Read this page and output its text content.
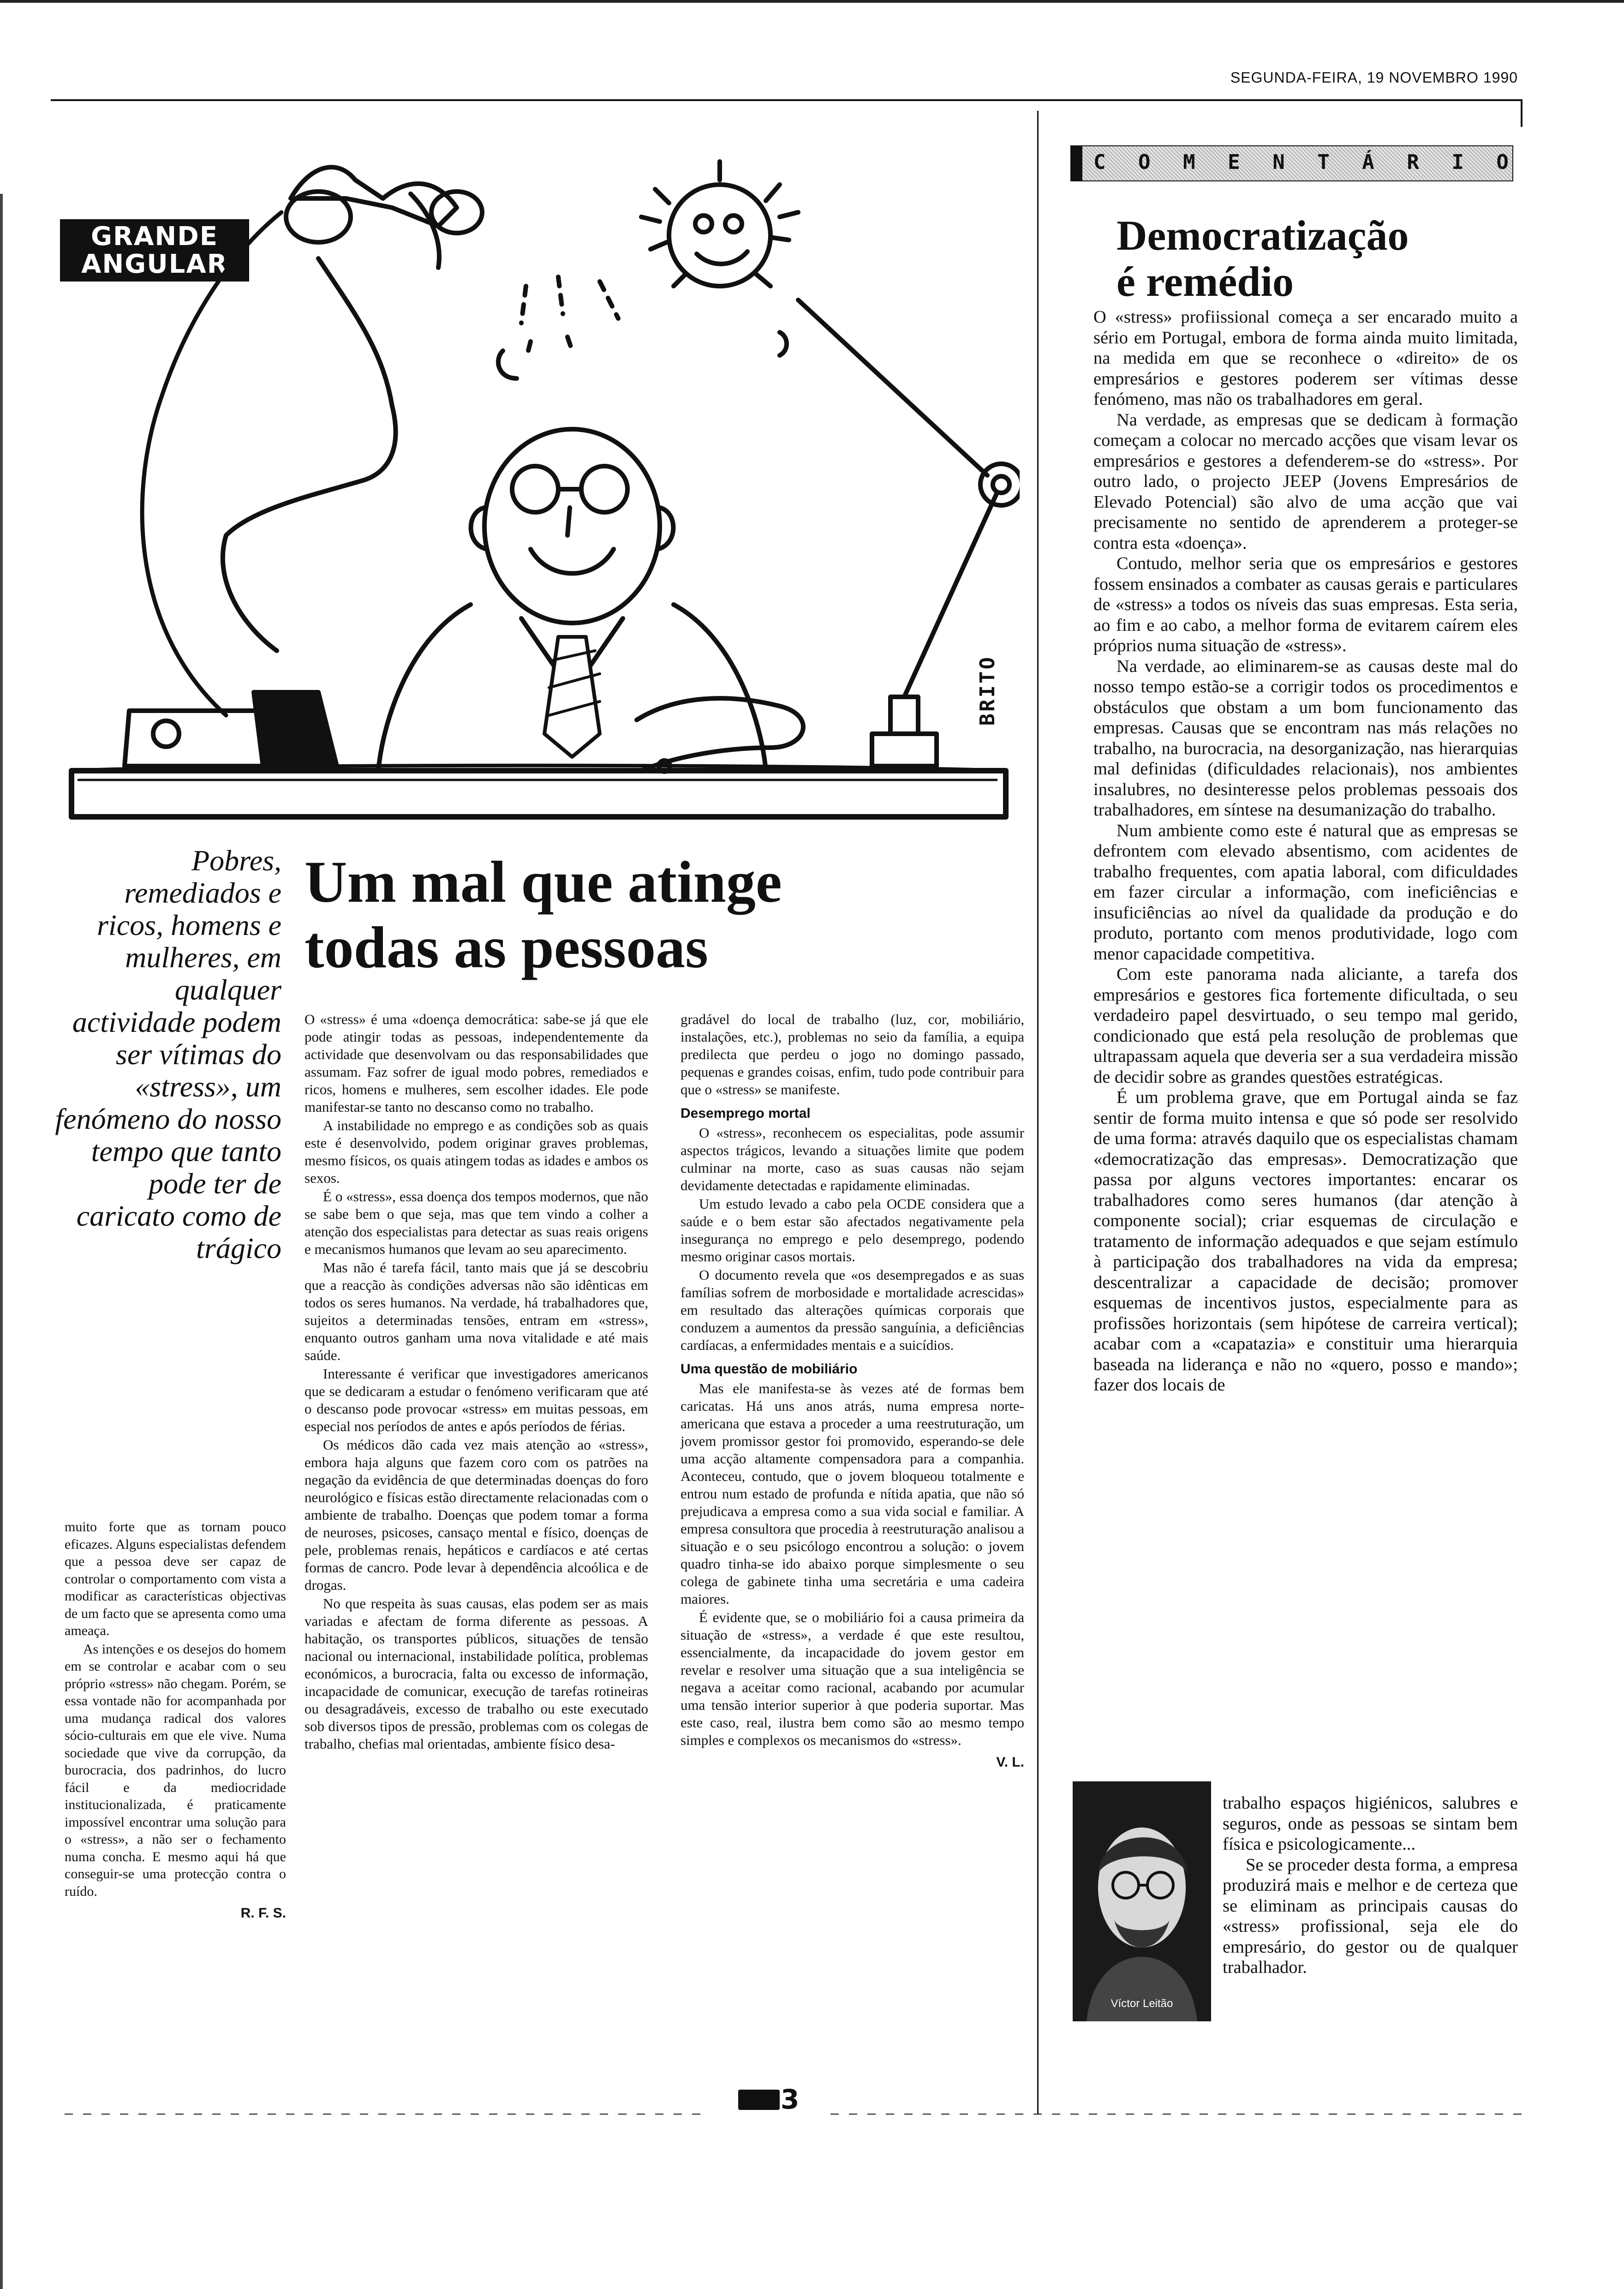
SEGUNDA-FEIRA, 19 NOVEMBRO 1990
GRANDE
ANGULAR
BRITO
Pobres, remediados e ricos, homens e mulheres, em qualquer actividade podem ser vítimas do «stress», um fenómeno do nosso tempo que tanto pode ter de caricato como de trágico
Um mal que atinge
todas as pessoas

muito forte que as tornam pouco eficazes. Alguns especialistas defendem que a pessoa deve ser capaz de controlar o comportamento com vista a modificar as características objectivas de um facto que se apresenta como uma ameaça.

As intenções e os desejos do homem em se controlar e acabar com o seu próprio «stress» não chegam. Porém, se essa vontade não for acompanhada por uma mudança radical dos valores sócio-culturais em que ele vive. Numa sociedade que vive da corrupção, da burocracia, dos padrinhos, do lucro fácil e da mediocridade institucionalizada, é praticamente impossível encontrar uma solução para o «stress», a não ser o fechamento numa concha. E mesmo aqui há que conseguir-se uma protecção contra o ruído.

R. F. S.

O «stress» é uma «doença democrática: sabe-se já que ele pode atingir todas as pessoas, independentemente da actividade que desenvolvam ou das responsabilidades que assumam. Faz sofrer de igual modo pobres, remediados e ricos, homens e mulheres, sem escolher idades. Ele pode manifestar-se tanto no descanso como no trabalho.

A instabilidade no emprego e as condições sob as quais este é desenvolvido, podem originar graves problemas, mesmo físicos, os quais atingem todas as idades e ambos os sexos.

É o «stress», essa doença dos tempos modernos, que não se sabe bem o que seja, mas que tem vindo a colher a atenção dos especialistas para detectar as suas reais origens e mecanismos humanos que levam ao seu aparecimento.

Mas não é tarefa fácil, tanto mais que já se descobriu que a reacção às condições adversas não são idênticas em todos os seres humanos. Na verdade, há trabalhadores que, sujeitos a determinadas tensões, entram em «stress», enquanto outros ganham uma nova vitalidade e até mais saúde.

Interessante é verificar que investigadores americanos que se dedicaram a estudar o fenómeno verificaram que até o descanso pode provocar «stress» em muitas pessoas, em especial nos períodos de antes e após períodos de férias.

Os médicos dão cada vez mais atenção ao «stress», embora haja alguns que fazem coro com os patrões na negação da evidência de que determinadas doenças do foro neurológico e físicas estão directamente relacionadas com o ambiente de trabalho. Doenças que podem tomar a forma de neuroses, psicoses, cansaço mental e físico, doenças de pele, problemas renais, hepáticos e cardíacos e até certas formas de cancro. Pode levar à dependência alcoólica e de drogas.

No que respeita às suas causas, elas podem ser as mais variadas e afectam de forma diferente as pessoas. A habitação, os transportes públicos, situações de tensão nacional ou internacional, instabilidade política, problemas económicos, a burocracia, falta ou excesso de informação, incapacidade de comunicar, execução de tarefas rotineiras ou desagradáveis, excesso de trabalho ou este executado sob diversos tipos de pressão, problemas com os colegas de trabalho, chefias mal orientadas, ambiente físico desa-

gradável do local de trabalho (luz, cor, mobiliário, instalações, etc.), problemas no seio da família, a equipa predilecta que perdeu o jogo no domingo passado, pequenas e grandes coisas, enfim, tudo pode contribuir para que o «stress» se manifeste.

Desemprego mortal

O «stress», reconhecem os especialitas, pode assumir aspectos trágicos, levando a situações limite que podem culminar na morte, caso as suas causas não sejam devidamente detectadas e rapidamente eliminadas.

Um estudo levado a cabo pela OCDE considera que a saúde e o bem estar são afectados negativamente pela insegurança no emprego e pelo desemprego, podendo mesmo originar casos mortais.

O documento revela que «os desempregados e as suas famílias sofrem de morbosidade e mortalidade acrescidas» em resultado das alterações químicas corporais que conduzem a aumentos da pressão sanguínia, a deficiências cardíacas, a enfermidades mentais e a suicídios.

Uma questão de mobiliário

Mas ele manifesta-se às vezes até de formas bem caricatas. Há uns anos atrás, numa empresa norte-americana que estava a proceder a uma reestruturação, um jovem promissor gestor foi promovido, esperando-se dele uma acção altamente compensadora para a companhia. Aconteceu, contudo, que o jovem bloqueou totalmente e entrou num estado de profunda e nítida apatia, que não só prejudicava a empresa como a sua vida social e familiar. A empresa consultora que procedia à reestruturação analisou a situação e o seu psicólogo encontrou a solução: o jovem quadro tinha-se ido abaixo porque simplesmente o seu colega de gabinete tinha uma secretária e uma cadeira maiores.

É evidente que, se o mobiliário foi a causa primeira da situação de «stress», a verdade é que este resultou, essencialmente, da incapacidade do jovem gestor em revelar e resolver uma situação que a sua inteligência se negava a aceitar como racional, acabando por acumular uma tensão interior superior à que poderia suportar. Mas este caso, real, ilustra bem como são ao mesmo tempo simples e complexos os mecanismos do «stress».

V. L.
C O M E N T Á R I O
Democratização
é remédio

O «stress» profiissional começa a ser encarado muito a sério em Portugal, embora de forma ainda muito limitada, na medida em que se reconhece o «direito» de os empresários e gestores poderem ser vítimas desse fenómeno, mas não os trabalhadores em geral.

Na verdade, as empresas que se dedicam à formação começam a colocar no mercado acções que visam levar os empresários e gestores a defenderem-se do «stress». Por outro lado, o projecto JEEP (Jovens Empresários de Elevado Potencial) são alvo de uma acção que vai precisamente no sentido de aprenderem a proteger-se contra esta «doença».

Contudo, melhor seria que os empresários e gestores fossem ensinados a combater as causas gerais e particulares de «stress» a todos os níveis das suas empresas. Esta seria, ao fim e ao cabo, a melhor forma de evitarem caírem eles próprios numa situação de «stress».

Na verdade, ao eliminarem-se as causas deste mal do nosso tempo estão-se a corrigir todos os procedimentos e obstáculos que obstam a um bom funcionamento das empresas. Causas que se encontram nas más relações no trabalho, na burocracia, na desorganização, nas hierarquias mal definidas (dificuldades relacionais), nos ambientes insalubres, no desinteresse pelos problemas pessoais dos trabalhadores, em síntese na desumanização do trabalho.

Num ambiente como este é natural que as empresas se defrontem com elevado absentismo, com acidentes de trabalho frequentes, com apatia laboral, com dificuldades em fazer circular a informação, com ineficiências e insuficiências ao nível da qualidade da produção e do produto, portanto com menos produtividade, logo com menor capacidade competitiva.

Com este panorama nada aliciante, a tarefa dos empresários e gestores fica fortemente dificultada, o seu verdadeiro papel desvirtuado, o seu tempo mal gerido, condicionado que está pela resolução de problemas que ultrapassam aquela que deveria ser a sua verdadeira missão de decidir sobre as grandes questões estratégicas.

É um problema grave, que em Portugal ainda se faz sentir de forma muito intensa e que só pode ser resolvido de uma forma: através daquilo que os especialistas chamam «democratização das empresas». Democratização que passa por alguns vectores importantes: encarar os trabalhadores como seres humanos (dar atenção à componente social); criar esquemas de circulação e tratamento de informação adequados e que sejam estímulo à participação dos trabalhadores na vida da empresa; descentralizar a capacidade de decisão; promover esquemas de incentivos justos, especialmente para as profissões horizontais (sem hipótese de carreira vertical); acabar com a «capatazia» e constituir uma hierarquia baseada na liderança e não no «quero, posso e mando»; fazer dos locais de

Víctor Leitão

trabalho espaços higiénicos, salubres e seguros, onde as pessoas se sintam bem física e psicologicamente...

Se se proceder desta forma, a empresa produzirá mais e melhor e de certeza que se eliminam as principais causas do «stress» profissional, seja ele do empresário, do gestor ou de qualquer trabalhador.

3
